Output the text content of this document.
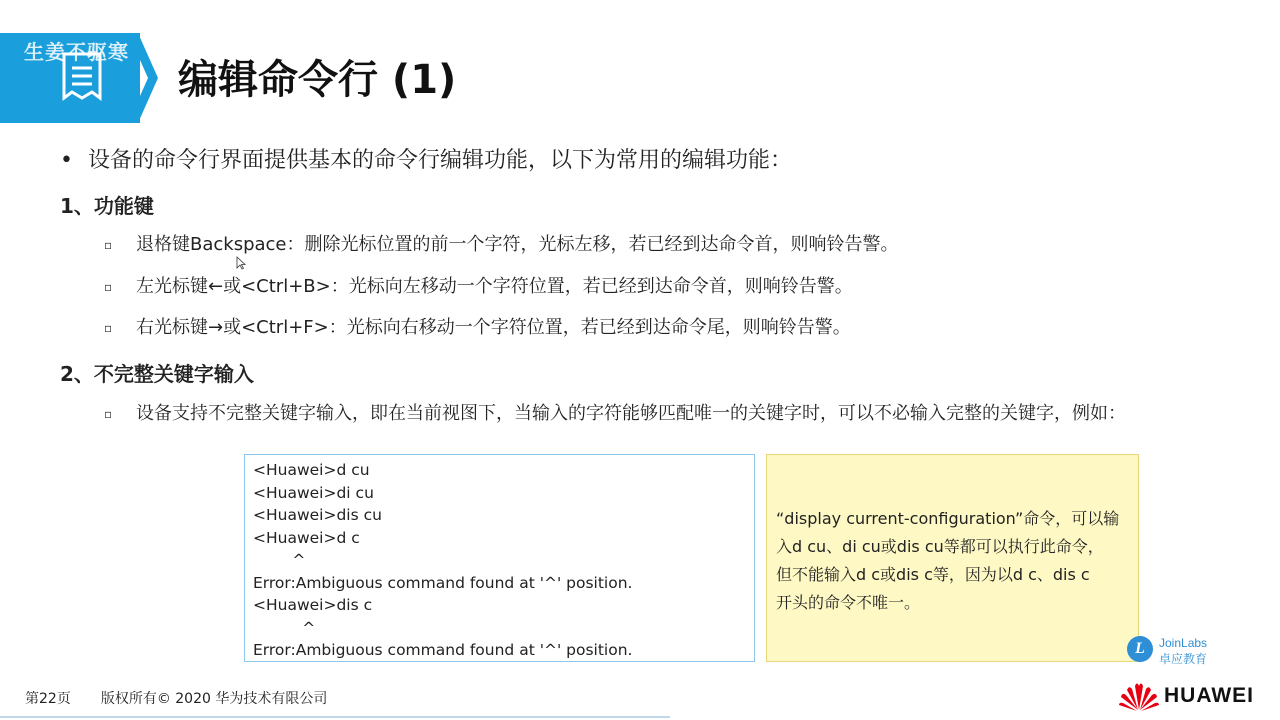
生姜不驱寒
编辑命令行 (1)
• 设备的命令行界面提供基本的命令行编辑功能，以下为常用的编辑功能：
1、功能键
▫ 退格键Backspace：删除光标位置的前一个字符，光标左移，若已经到达命令首，则响铃告警。
▫ 左光标键←或<Ctrl+B>：光标向左移动一个字符位置，若已经到达命令首，则响铃告警。
▫ 右光标键→或<Ctrl+F>：光标向右移动一个字符位置，若已经到达命令尾，则响铃告警。
2、不完整关键字输入
▫ 设备支持不完整关键字输入，即在当前视图下，当输入的字符能够匹配唯一的关键字时，可以不必输入完整的关键字，例如：
<Huawei>d cu
<Huawei>di cu
<Huawei>dis cu
<Huawei>d c
^
Error:Ambiguous command found at '^' position.
<Huawei>dis c
^
Error:Ambiguous command found at '^' position.
“display current-configuration”命令，可以输
入d cu、di cu或dis cu等都可以执行此命令，
但不能输入d c或dis c等，因为以d c、dis c
开头的命令不唯一。
L	JoinLabs
卓应教育
第22页 版权所有© 2020 华为技术有限公司	HUAWEI
